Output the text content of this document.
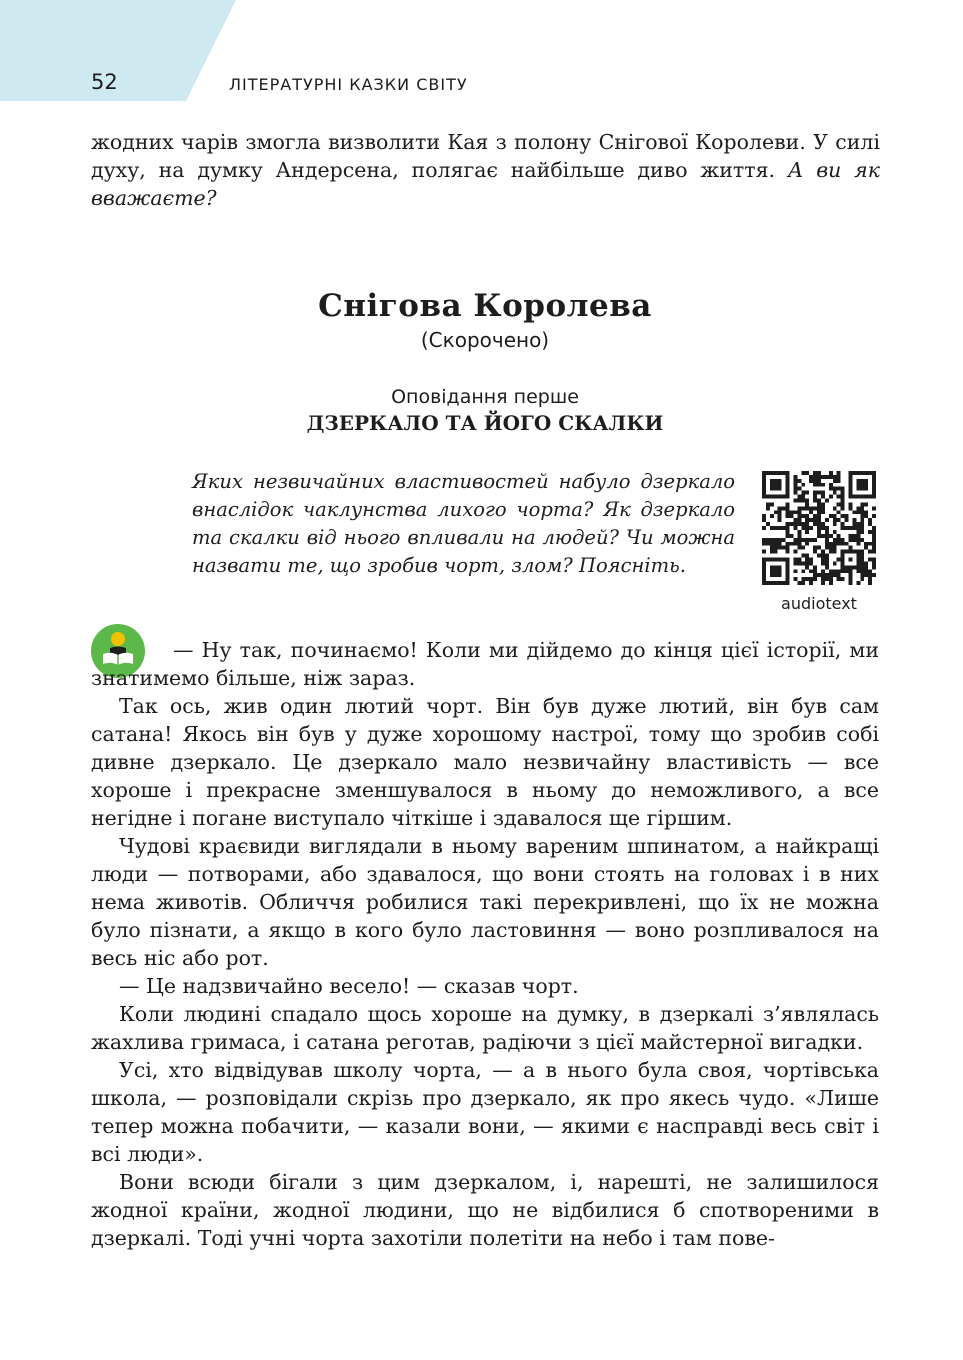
52	ЛІТЕРАТУРНІ КАЗКИ СВІТУ

жодних чарів змогла визволити Кая з полону Снігової Королеви. У силі духу, на думку Андерсена, полягає найбільше диво життя. А ви як вважаєте?

Снігова Королева
(Скорочено)
Оповідання перше
ДЗЕРКАЛО ТА ЙОГО СКАЛКИ
Яких незвичайних властивостей набуло дзеркало внаслідок чаклунства лихого чорта? Як дзеркало та скалки від нього впливали на людей? Чи можна назвати те, що зробив чорт, злом? Поясніть.
audiotext

— Ну так, починаємо! Коли ми дійдемо до кінця цієї історії, ми знатимемо більше, ніж зараз.

Так ось, жив один лютий чорт. Він був дуже лютий, він був сам сатана! Якось він був у дуже хорошому настрої, тому що зробив собі дивне дзеркало. Це дзеркало мало незвичайну властивість — все хороше і прекрасне зменшувалося в ньому до неможливого, а все негідне і погане виступало чіткіше і здавалося ще гіршим.

Чудові краєвиди виглядали в ньому вареним шпинатом, а найкращі люди — потворами, або здавалося, що вони стоять на головах і в них нема животів. Обличчя робилися такі перекривлені, що їх не можна було пізнати, а якщо в кого було ластовиння — воно розпливалося на весь ніс або рот.

— Це надзвичайно весело! — сказав чорт.

Коли людині спадало щось хороше на думку, в дзеркалі з’являлась жахлива гримаса, і сатана реготав, радіючи з цієї майстерної вигадки.

Усі, хто відвідував школу чорта, — а в нього була своя, чортівська школа, — розповідали скрізь про дзеркало, як про якесь чудо. «Лише тепер можна побачити, — казали вони, — якими є насправді весь світ і всі люди».

Вони всюди бігали з цим дзеркалом, і, нарешті, не залишилося жодної країни, жодної людини, що не відбилися б спотвореними в дзеркалі. Тоді учні чорта захотіли полетіти на небо і там пове-
